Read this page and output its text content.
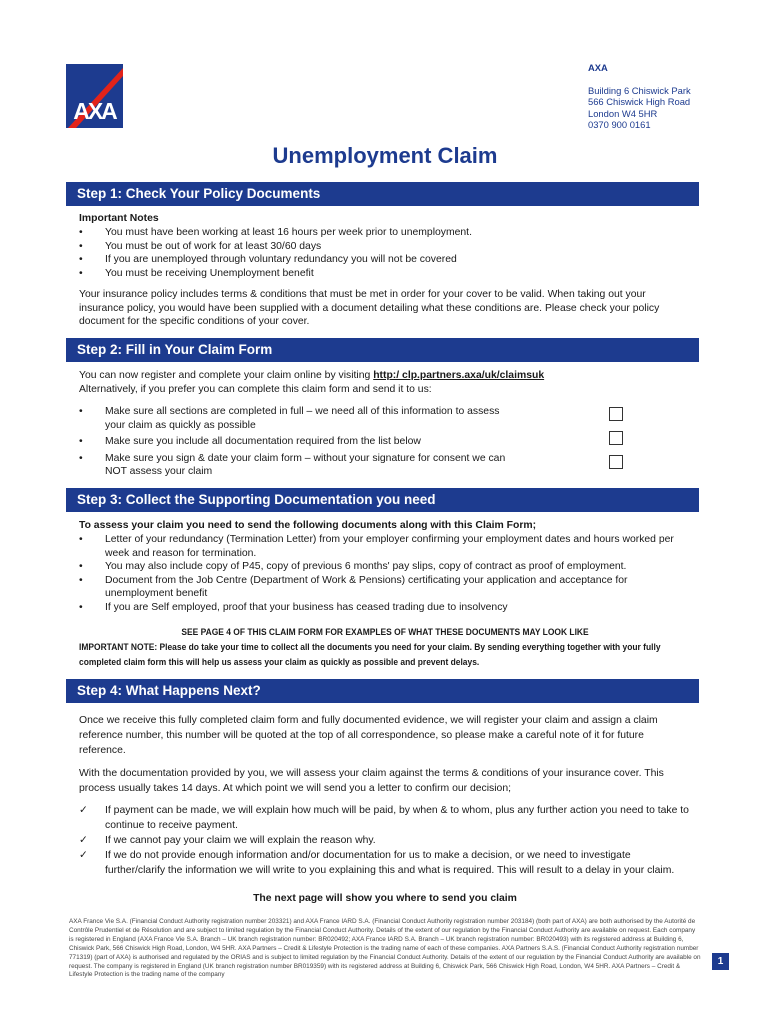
AXA
AXA
Building 6 Chiswick Park
566 Chiswick High Road
London W4 5HR
0370 900 0161
Unemployment Claim
Step 1: Check Your Policy Documents
Important Notes
• You must have been working at least 16 hours per week prior to unemployment.
• You must be out of work for at least 30/60 days
• If you are unemployed through voluntary redundancy you will not be covered
• You must be receiving Unemployment benefit
Your insurance policy includes terms & conditions that must be met in order for your cover to be valid. When taking out your insurance policy, you would have been supplied with a document detailing what these conditions are. Please check your policy document for the specific conditions of your cover.
Step 2: Fill in Your Claim Form
You can now register and complete your claim online by visiting http:/ clp.partners.axa/uk/claimsuk
Alternatively, if you prefer you can complete this claim form and send it to us:
• Make sure all sections are completed in full – we need all of this information to assess your claim as quickly as possible
• Make sure you include all documentation required from the list below
• Make sure you sign & date your claim form – without your signature for consent we can NOT assess your claim
Step 3: Collect the Supporting Documentation you need
To assess your claim you need to send the following documents along with this Claim Form;
• Letter of your redundancy (Termination Letter) from your employer confirming your employment dates and hours worked per week and reason for termination.
• You may also include copy of P45, copy of previous 6 months' pay slips, copy of contract as proof of employment.
• Document from the Job Centre (Department of Work & Pensions) certificating your application and acceptance for unemployment benefit
• If you are Self employed, proof that your business has ceased trading due to insolvency
SEE PAGE 4 OF THIS CLAIM FORM FOR EXAMPLES OF WHAT THESE DOCUMENTS MAY LOOK LIKE
IMPORTANT NOTE: Please do take your time to collect all the documents you need for your claim. By sending everything together with your fully completed claim form this will help us assess your claim as quickly as possible and prevent delays.
Step 4: What Happens Next?
Once we receive this fully completed claim form and fully documented evidence, we will register your claim and assign a claim reference number, this number will be quoted at the top of all correspondence, so please make a careful note of it for future reference.
With the documentation provided by you, we will assess your claim against the terms & conditions of your insurance cover. This process usually takes 14 days. At which point we will send you a letter to confirm our decision;
✓ If payment can be made, we will explain how much will be paid, by when & to whom, plus any further action you need to take to continue to receive payment.
✓ If we cannot pay your claim we will explain the reason why.
✓ If we do not provide enough information and/or documentation for us to make a decision, or we need to investigate further/clarify the information we will write to you explaining this and what is required. This will result to a delay in your claim.
The next page will show you where to send you claim
AXA France Vie S.A. (Financial Conduct Authority registration number 203321) and AXA France IARD S.A. (Financial Conduct Authority registration number 203184) (both part of AXA) are both authorised by the Autorité de Contrôle Prudentiel et de Résolution and are subject to limited regulation by the Financial Conduct Authority. Details of the extent of our regulation by the Financial Conduct Authority are available on request. Each company is registered in England (AXA France Vie S.A. Branch – UK branch registration number: BR020492; AXA France IARD S.A. Branch – UK branch registration number: BR020493) with its registered address at Building 6, Chiswick Park, 566 Chiswick High Road, London, W4 5HR. AXA Partners – Credit & Lifestyle Protection is the trading name of each of these companies. AXA Partners S.A.S. (Financial Conduct Authority registration number 771319) (part of AXA) is authorised and regulated by the ORIAS and is subject to limited regulation by the Financial Conduct Authority. Details of the extent of our regulation by the Financial Conduct Authority are available on request. The company is registered in England (UK branch registration number BR019359) with its registered address at Building 6, Chiswick Park, 566 Chiswick High Road, London, W4 5HR. AXA Partners – Credit & Lifestyle Protection is the trading name of the company
1
